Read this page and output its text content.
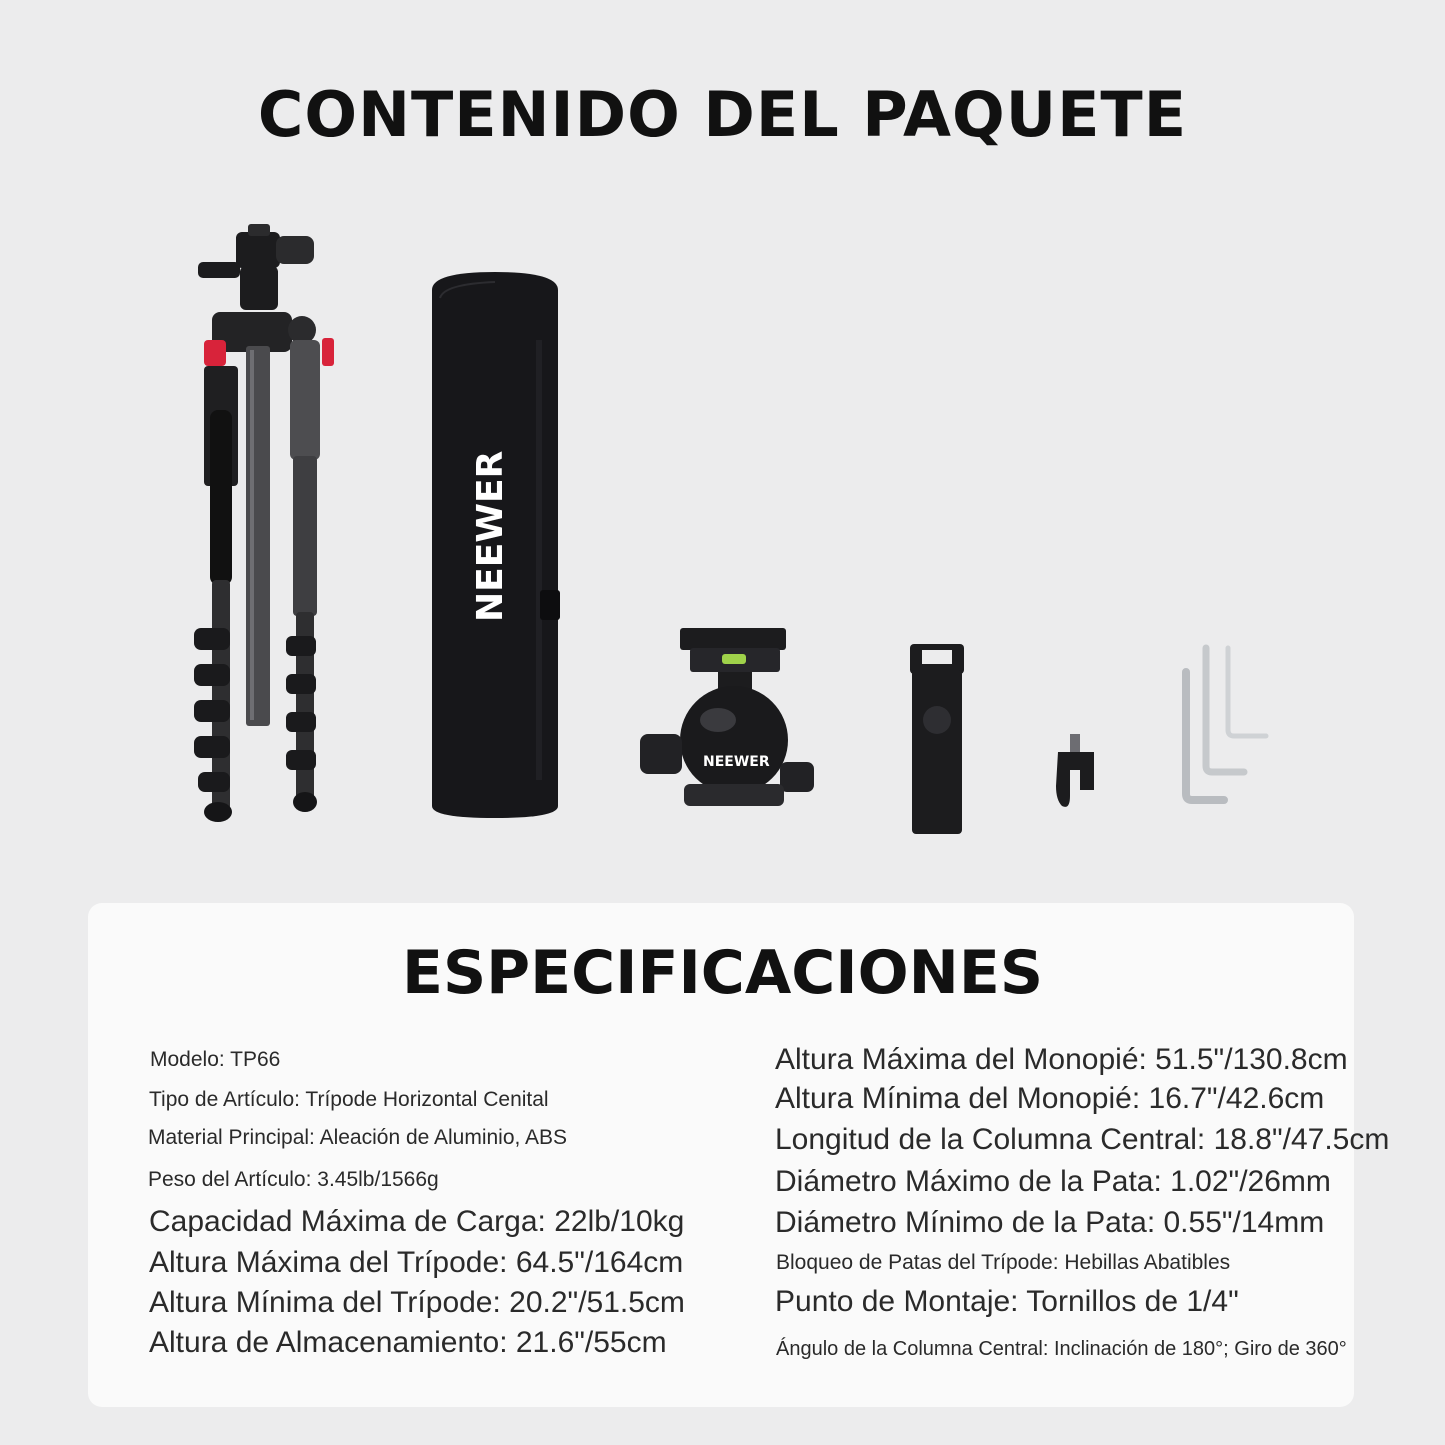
CONTENIDO DEL PAQUETE
NEEWER
NEEWER
ESPECIFICACIONES
Modelo: TP66
Tipo de Artículo: Trípode Horizontal Cenital
Material Principal: Aleación de Aluminio, ABS
Peso del Artículo: 3.45lb/1566g
Capacidad Máxima de Carga: 22lb/10kg
Altura Máxima del Trípode: 64.5"/164cm
Altura Mínima del Trípode: 20.2"/51.5cm
Altura de Almacenamiento: 21.6"/55cm
Altura Máxima del Monopié: 51.5"/130.8cm
Altura Mínima del Monopié: 16.7"/42.6cm
Longitud de la Columna Central: 18.8"/47.5cm
Diámetro Máximo de la Pata: 1.02"/26mm
Diámetro Mínimo de la Pata: 0.55"/14mm
Bloqueo de Patas del Trípode: Hebillas Abatibles
Punto de Montaje: Tornillos de 1/4"
Ángulo de la Columna Central: Inclinación de 180°; Giro de 360°
